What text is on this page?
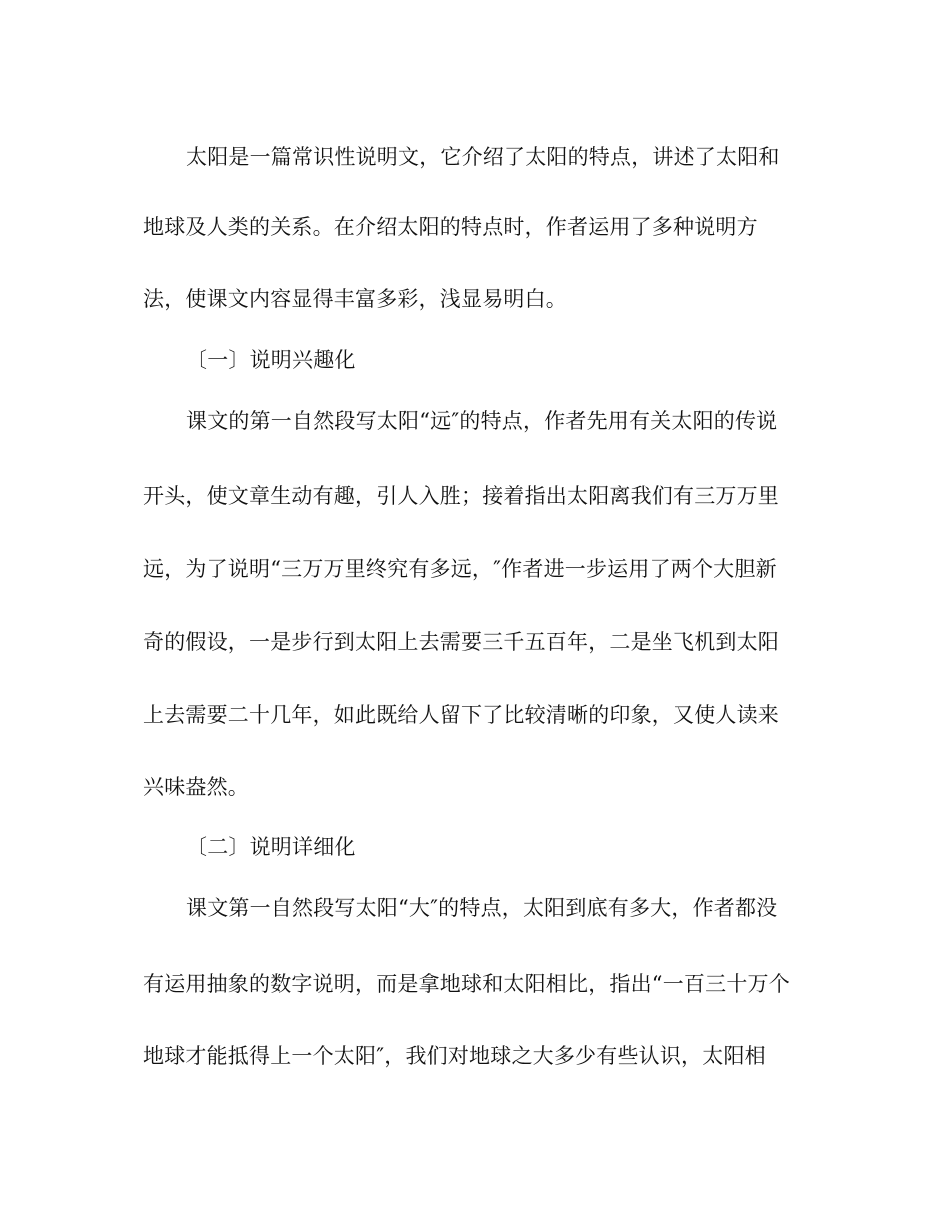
太阳是一篇常识性说明文，它介绍了太阳的特点，讲述了太阳和
地球及人类的关系。在介绍太阳的特点时，作者运用了多种说明方
法，使课文内容显得丰富多彩，浅显易明白。
〔一〕说明兴趣化
课文的第一自然段写太阳“远″的特点，作者先用有关太阳的传说
开头，使文章生动有趣，引人入胜；接着指出太阳离我们有三万万里
远，为了说明“三万万里终究有多远，″作者进一步运用了两个大胆新
奇的假设，一是步行到太阳上去需要三千五百年，二是坐飞机到太阳
上去需要二十几年，如此既给人留下了比较清晰的印象，又使人读来
兴味盎然。
〔二〕说明详细化
课文第一自然段写太阳“大″的特点，太阳到底有多大，作者都没
有运用抽象的数字说明，而是拿地球和太阳相比，指出“一百三十万个
地球才能抵得上一个太阳″，我们对地球之大多少有些认识，太阳相
